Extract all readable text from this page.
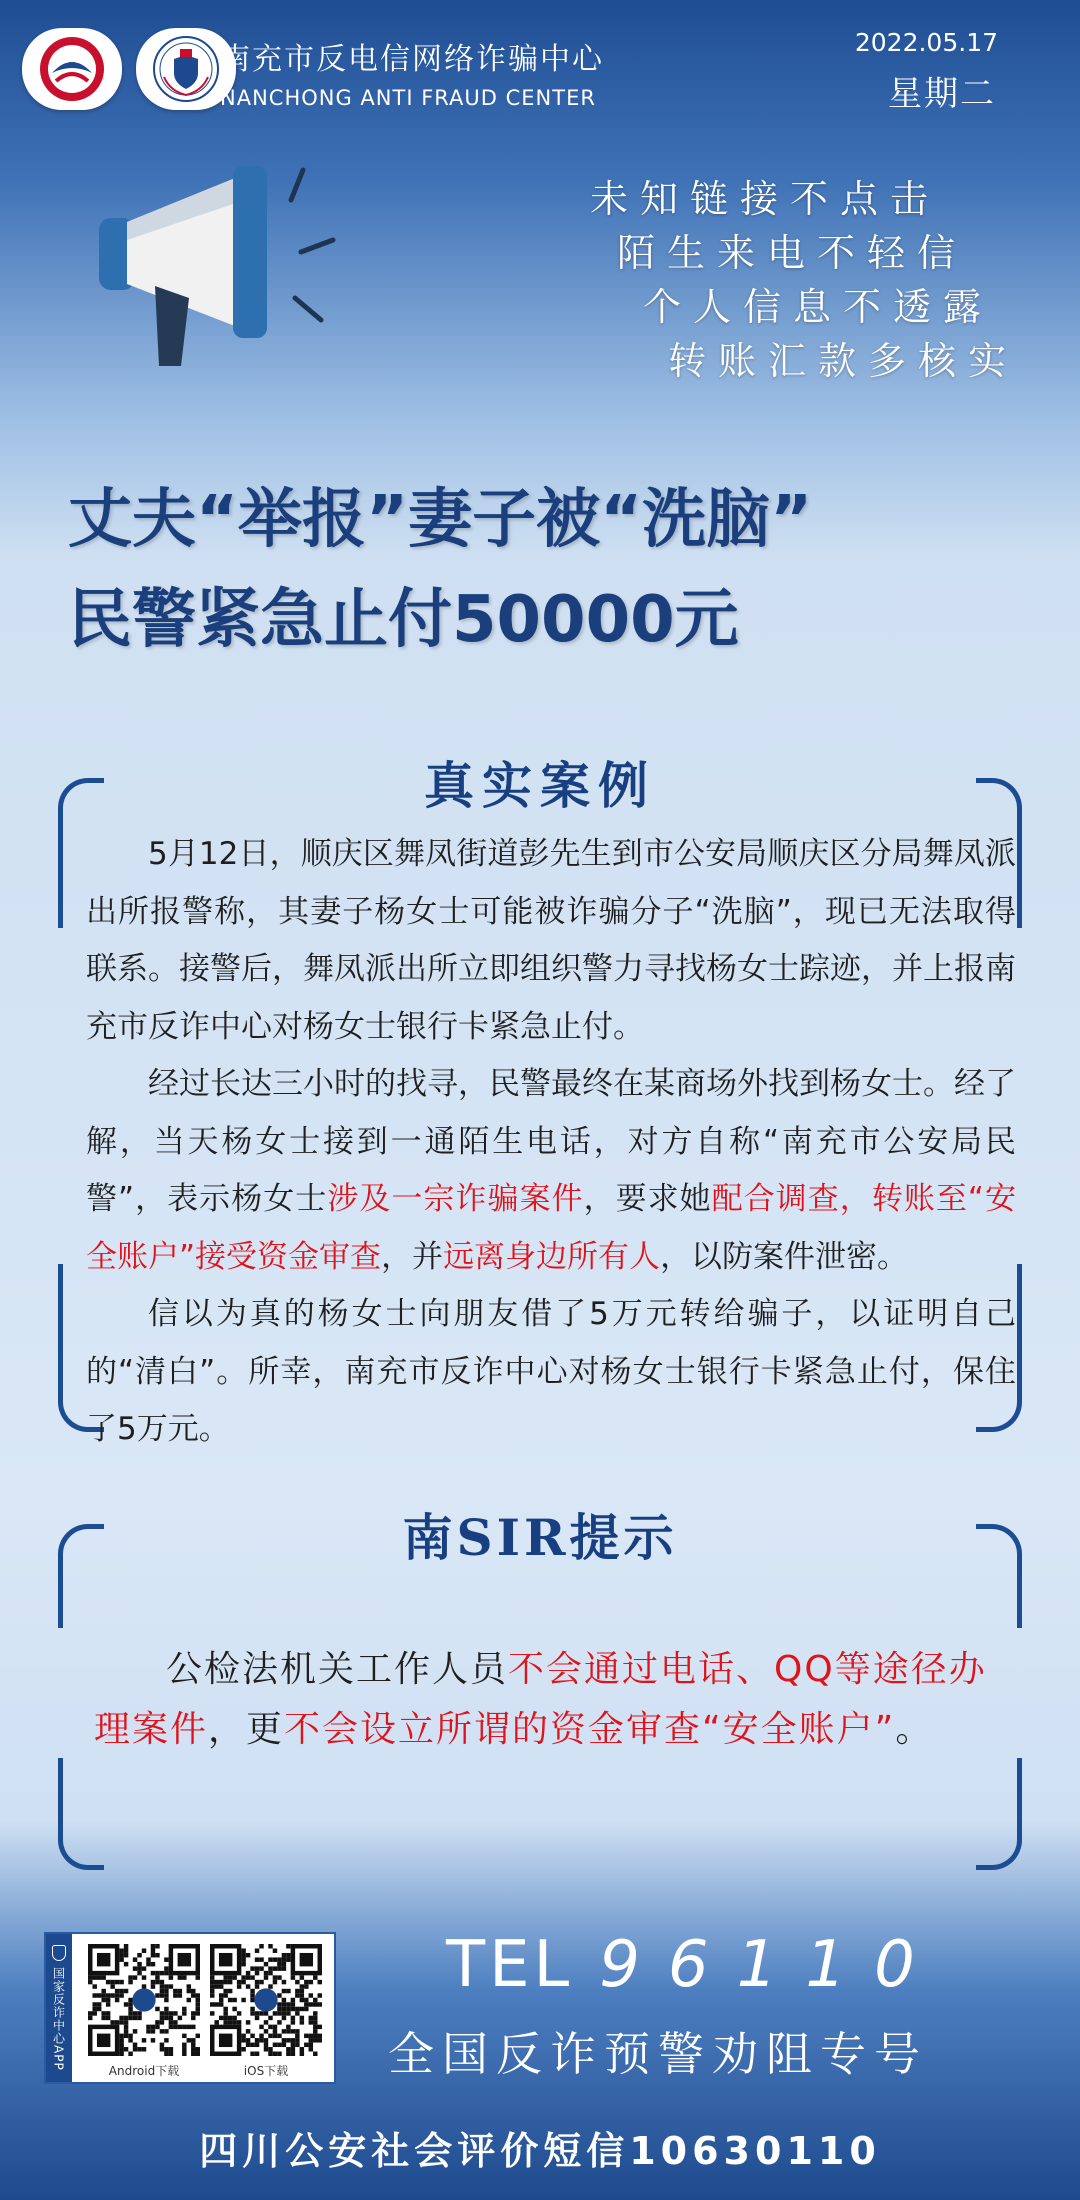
南充公安	南充市反电信网络诈骗中心
NANCHONG ANTI FRAUD CENTER
2022.05.17
星期二
未知链接不点击
陌生来电不轻信
个人信息不透露
转账汇款多核实
丈夫“举报”妻子被“洗脑”
民警紧急止付50000元
真实案例

5月12日，顺庆区舞凤街道彭先生到市公安局顺庆区分局舞凤派出所报警称，其妻子杨女士可能被诈骗分子“洗脑”，现已无法取得联系。接警后，舞凤派出所立即组织警力寻找杨女士踪迹，并上报南充市反诈中心对杨女士银行卡紧急止付。

经过长达三小时的找寻，民警最终在某商场外找到杨女士。经了解，当天杨女士接到一通陌生电话，对方自称“南充市公安局民警”，表示杨女士涉及一宗诈骗案件，要求她配合调查，转账至“安全账户”接受资金审查，并远离身边所有人，以防案件泄密。

信以为真的杨女士向朋友借了5万元转给骗子，以证明自己的“清白”。所幸，南充市反诈中心对杨女士银行卡紧急止付，保住了5万元。

南SIR提示

公检法机关工作人员不会通过电话、QQ等途径办理案件，更不会设立所谓的资金审查“安全账户”。

国家反诈中心APP
Android下载	iOS下载
TEL 96110
全国反诈预警劝阻专号
四川公安社会评价短信10630110
